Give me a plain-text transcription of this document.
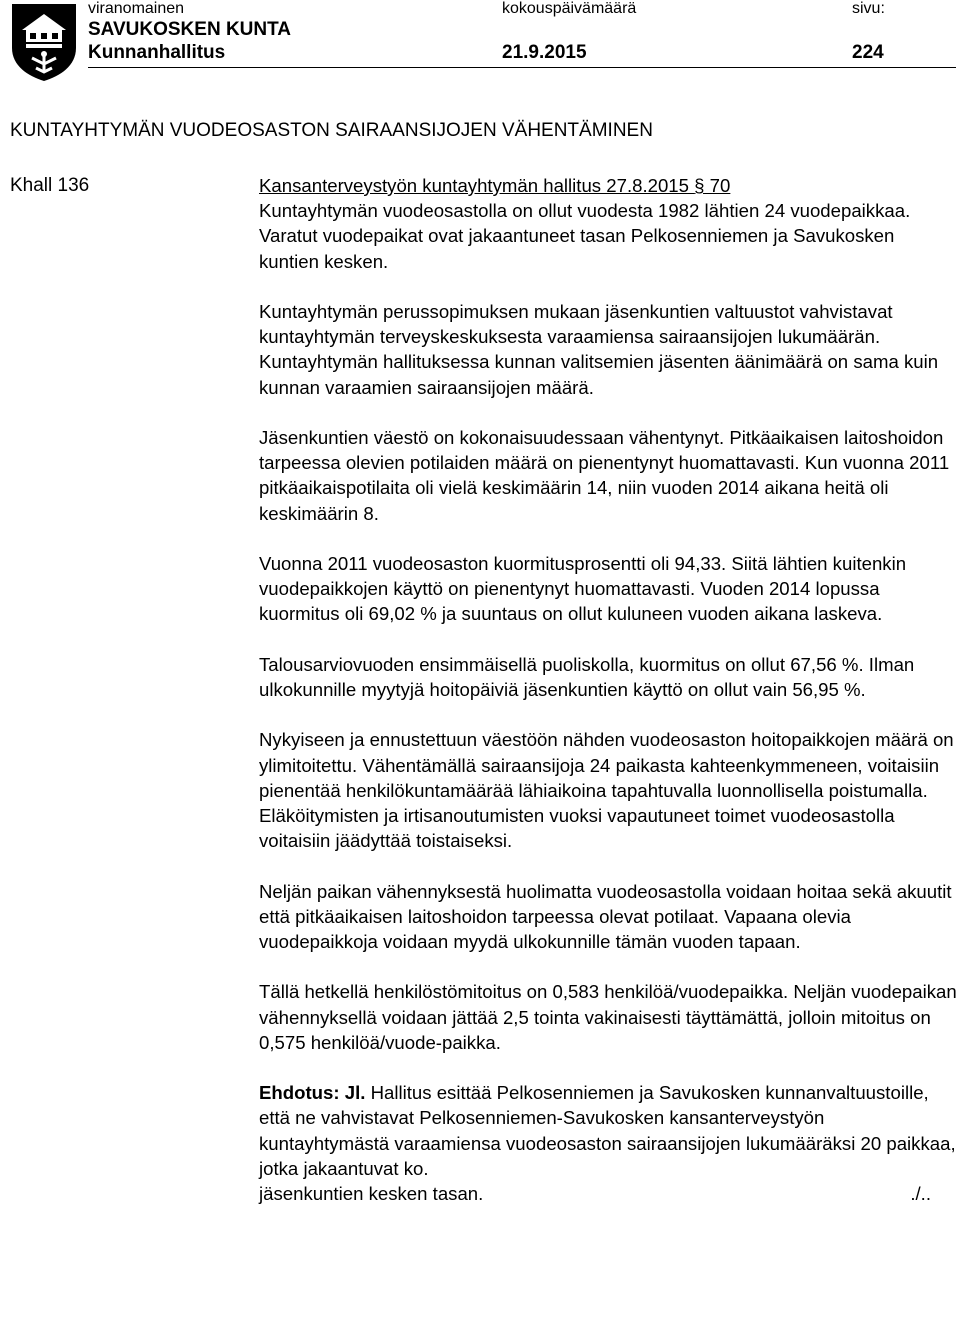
viranomainen	kokouspäivämäärä	sivu:
SAVUKOSKEN KUNTA
Kunnanhallitus	21.9.2015	224
KUNTAYHTYMÄN VUODEOSASTON SAIRAANSIJOJEN VÄHENTÄMINEN
Khall 136	Kansanterveystyön kuntayhtymän hallitus 27.8.2015 § 70
Kuntayhtymän vuodeosastolla on ollut vuodesta 1982 lähtien 24 vuodepaikkaa. Varatut vuodepaikat ovat jakaantuneet tasan Pelkosenniemen ja Savukosken kuntien kesken.

Kuntayhtymän perussopimuksen mukaan jäsenkuntien valtuustot vahvistavat kuntayhtymän terveyskeskuksesta varaamiensa sairaansijojen lukumäärän. Kuntayhtymän hallituksessa kunnan valitsemien jäsenten äänimäärä on sama kuin kunnan varaamien sairaansijojen määrä.

Jäsenkuntien väestö on kokonaisuudessaan vähentynyt. Pitkäaikaisen laitoshoidon tarpeessa olevien potilaiden määrä on pienentynyt huomattavasti. Kun vuonna 2011 pitkäaikaispotilaita oli vielä keskimäärin 14, niin vuoden 2014 aikana heitä oli keskimäärin 8.

Vuonna 2011 vuodeosaston kuormitusprosentti oli 94,33. Siitä lähtien kuitenkin vuodepaikkojen käyttö on pienentynyt huomattavasti. Vuoden 2014 lopussa kuormitus oli 69,02 % ja suuntaus on ollut kuluneen vuoden aikana laskeva.

Talousarviovuoden ensimmäisellä puoliskolla, kuormitus on ollut 67,56 %. Ilman ulkokunnille myytyjä hoitopäiviä jäsenkuntien käyttö on ollut vain 56,95 %.

Nykyiseen ja ennustettuun väestöön nähden vuodeosaston hoitopaikkojen määrä on ylimitoitettu. Vähentämällä sairaansijoja 24 paikasta kahteenkymmeneen, voitaisiin pienentää henkilökuntamäärää lähiaikoina tapahtuvalla luonnollisella poistumalla. Eläköitymisten ja irtisanoutumisten vuoksi vapautuneet toimet vuodeosastolla voitaisiin jäädyttää toistaiseksi.

Neljän paikan vähennyksestä huolimatta vuodeosastolla voidaan hoitaa sekä akuutit että pitkäaikaisen laitoshoidon tarpeessa olevat potilaat. Vapaana olevia vuodepaikkoja voidaan myydä ulkokunnille tämän vuoden tapaan.

Tällä hetkellä henkilöstömitoitus on 0,583 henkilöä/vuodepaikka. Neljän vuodepaikan vähennyksellä voidaan jättää 2,5 tointa vakinaisesti täyttämättä, jolloin mitoitus on 0,575 henkilöä/vuode-paikka.

Ehdotus: Jl. Hallitus esittää Pelkosenniemen ja Savukosken kunnanvaltuustoille, että ne vahvistavat Pelkosenniemen-Savukosken kansanterveystyön kuntayhtymästä varaamiensa vuodeosaston sairaansijojen lukumääräksi 20 paikkaa, jotka jakaantuvat ko.
jäsenkuntien kesken tasan.	./..
